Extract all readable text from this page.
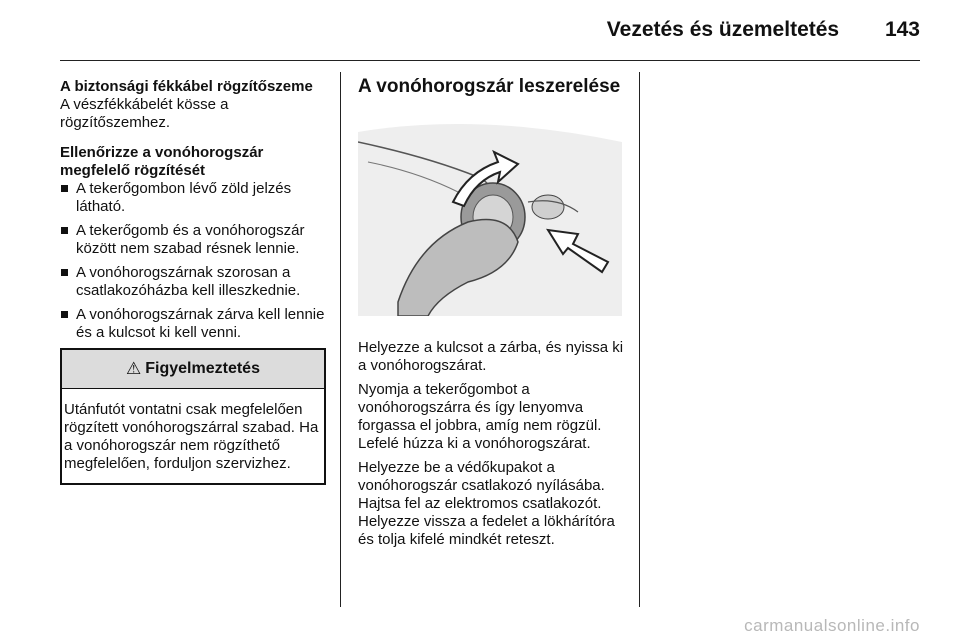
Vezetés és üzemeltetés 143

A biztonsági fékkábel rögzítőszeme

A vészfékkábelét kösse a rögzítőszemhez.

Ellenőrizze a vonóhorogszár megfelelő rögzítését

A tekerőgombon lévő zöld jelzés látható.
A tekerőgomb és a vonóhorogszár között nem szabad résnek lennie.
A vonóhorogszárnak szorosan a csatlakozóházba kell illeszkednie.
A vonóhorogszárnak zárva kell lennie és a kulcsot ki kell venni.
⚠ Figyelmeztetés
Utánfutót vontatni csak megfelelően rögzített vonóhorogszárral szabad. Ha a vonóhorogszár nem rögzíthető megfelelően, forduljon szervizhez.

A vonóhorogszár leszerelése

Helyezze a kulcsot a zárba, és nyissa ki a vonóhorogszárat.

Nyomja a tekerőgombot a vonóhorogszárra és így lenyomva forgassa el jobbra, amíg nem rögzül. Lefelé húzza ki a vonóhorogszárat.

Helyezze be a védőkupakot a vonóhorogszár csatlakozó nyílásába. Hajtsa fel az elektromos csatlakozót. Helyezze vissza a fedelet a lökhárítóra és tolja kifelé mindkét reteszt.

carmanualsonline.info
